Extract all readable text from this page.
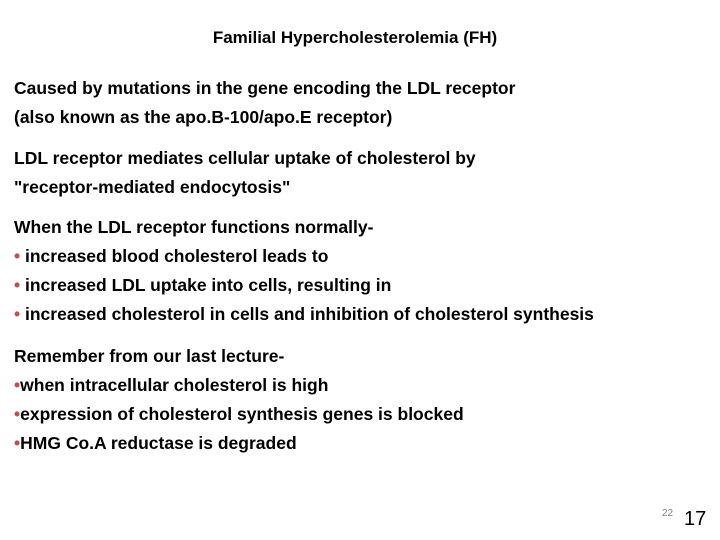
Familial Hypercholesterolemia (FH)
Caused by mutations in the gene encoding the LDL receptor
(also known as the apo.B-100/apo.E receptor)
LDL receptor mediates cellular uptake of cholesterol by
"receptor-mediated endocytosis"
When the LDL receptor functions normally-
• increased blood cholesterol leads to
• increased LDL uptake into cells, resulting in
• increased cholesterol in cells and inhibition of cholesterol synthesis
Remember from our last lecture-
•when intracellular cholesterol is high
•expression of cholesterol synthesis genes is blocked
•HMG Co.A reductase is degraded
22 17
